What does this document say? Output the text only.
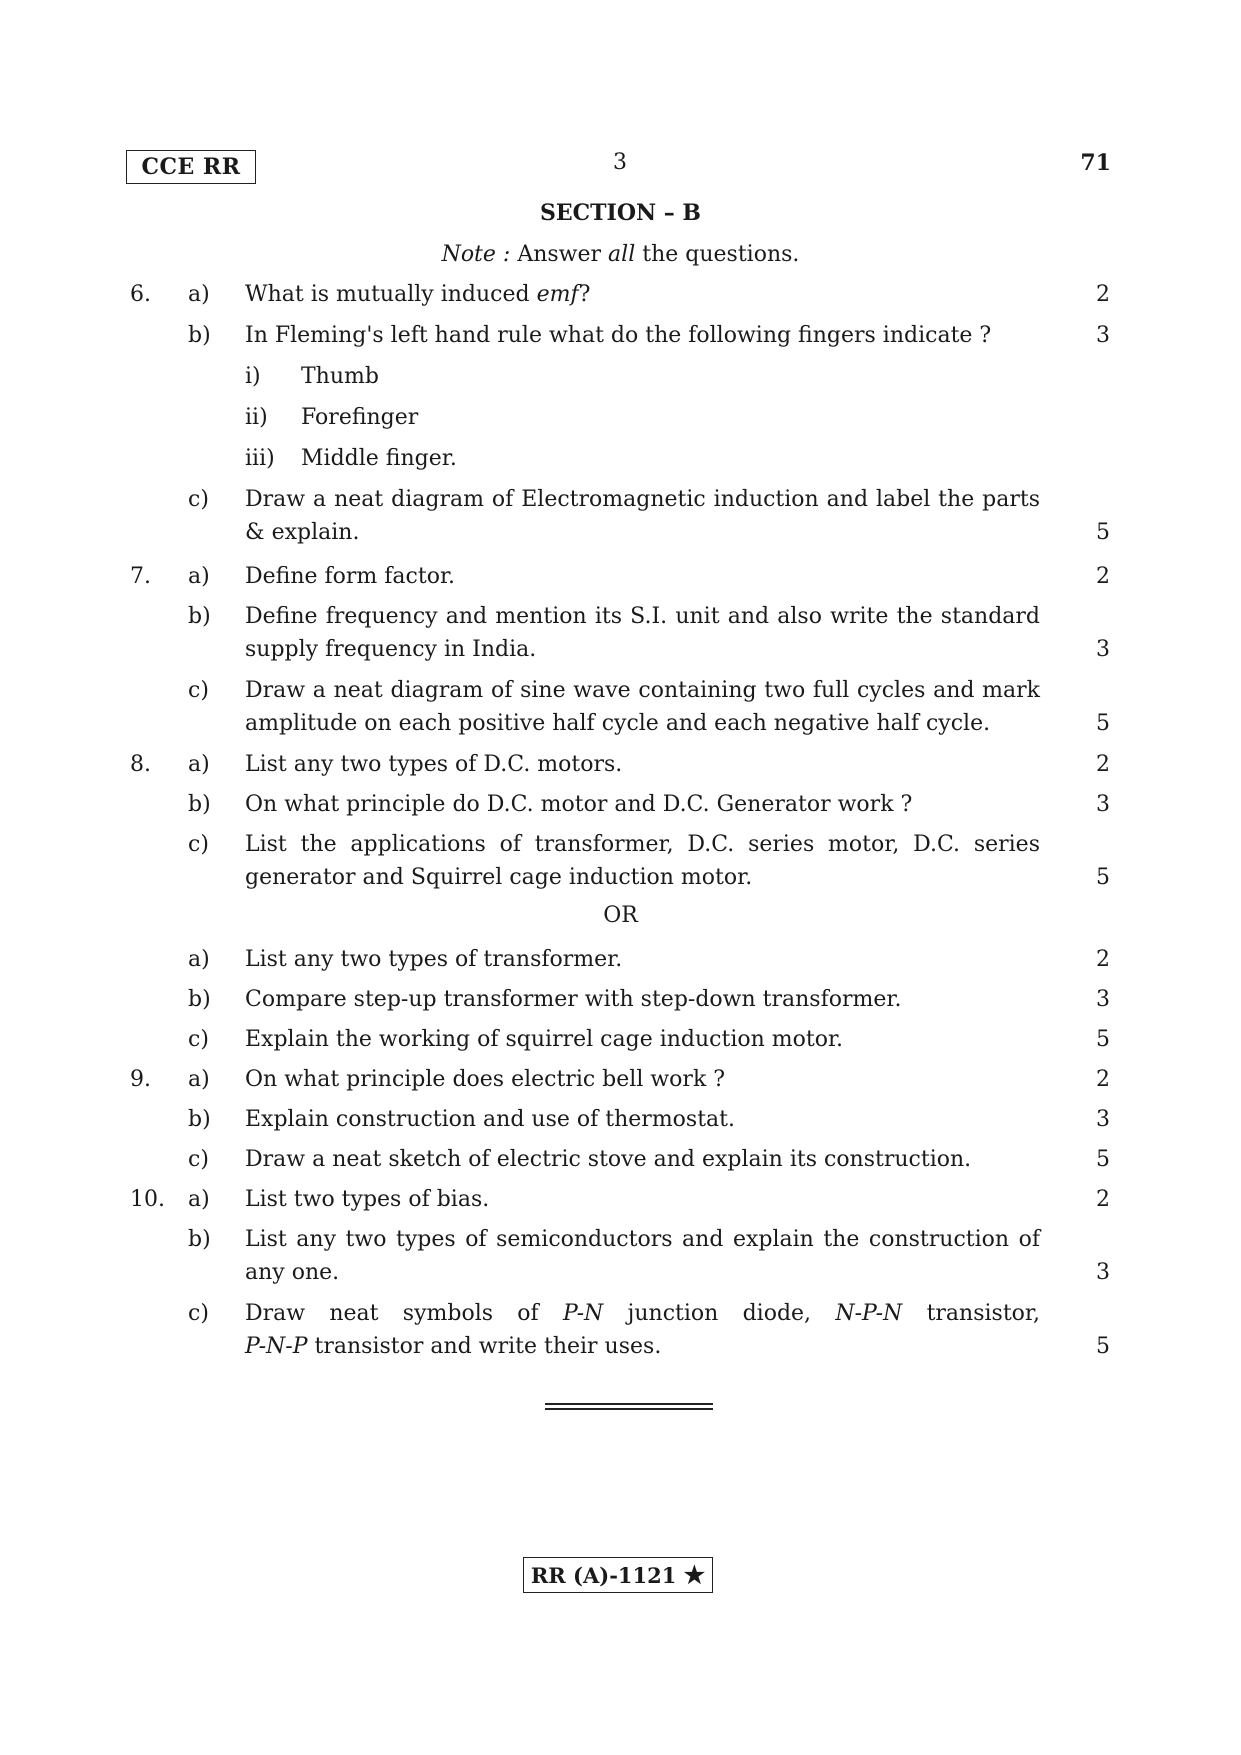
CCE RR	3	71
SECTION – B
Note : Answer all the questions.
6.	a)	What is mutually induced emf?	2
b)	In Fleming's left hand rule what do the following fingers indicate ?	3
i) Thumb
ii) Forefinger
iii) Middle finger.
c)	Draw a neat diagram of Electromagnetic induction and label the parts
& explain.	5
7.	a)	Define form factor.	2
b)	Define frequency and mention its S.I. unit and also write the standard
supply frequency in India.	3
c)	Draw a neat diagram of sine wave containing two full cycles and mark
amplitude on each positive half cycle and each negative half cycle.	5
8.	a)	List any two types of D.C. motors.	2
b)	On what principle do D.C. motor and D.C. Generator work ?	3
c)	List the applications of transformer, D.C. series motor, D.C. series
generator and Squirrel cage induction motor.	5
OR
a)	List any two types of transformer.	2
b)	Compare step-up transformer with step-down transformer.	3
c)	Explain the working of squirrel cage induction motor.	5
9.	a)	On what principle does electric bell work ?	2
b)	Explain construction and use of thermostat.	3
c)	Draw a neat sketch of electric stove and explain its construction.	5
10.	a)	List two types of bias.	2
b)	List any two types of semiconductors and explain the construction of
any one.	3
c)	Draw neat symbols of P-N junction diode, N-P-N transistor,
P-N-P transistor and write their uses.	5
RR (A)-1121 ★
